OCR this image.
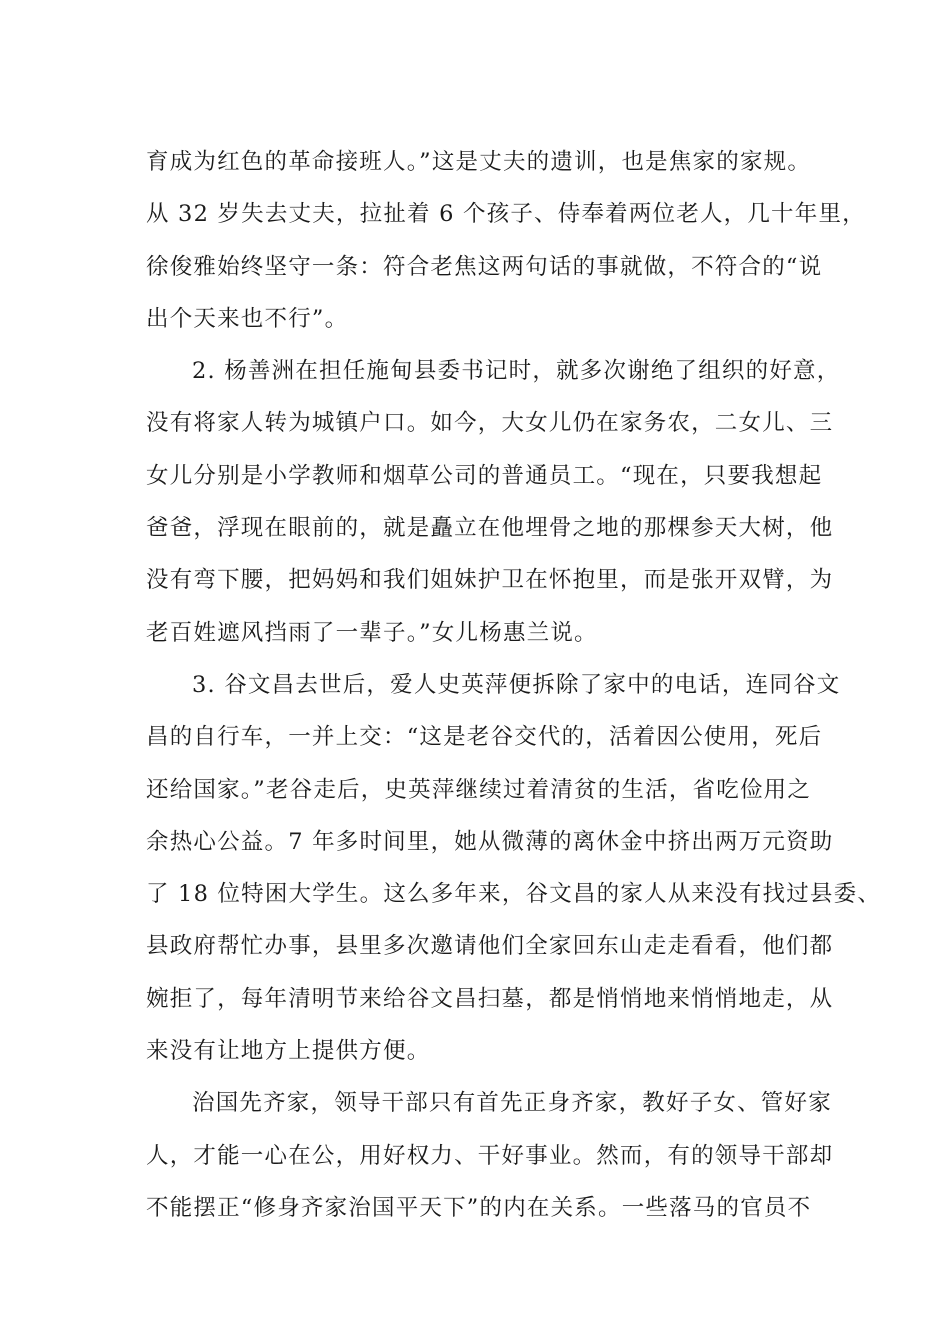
育成为红色的革命接班人。”这是丈夫的遗训，也是焦家的家规。
从 32 岁失去丈夫，拉扯着 6 个孩子、侍奉着两位老人，几十年里，
徐俊雅始终坚守一条：符合老焦这两句话的事就做，不符合的“说
出个天来也不行”。
2. 杨善洲在担任施甸县委书记时，就多次谢绝了组织的好意，
没有将家人转为城镇户口。如今，大女儿仍在家务农，二女儿、三
女儿分别是小学教师和烟草公司的普通员工。“现在，只要我想起
爸爸，浮现在眼前的，就是矗立在他埋骨之地的那棵参天大树，他
没有弯下腰，把妈妈和我们姐妹护卫在怀抱里，而是张开双臂，为
老百姓遮风挡雨了一辈子。”女儿杨惠兰说。
3. 谷文昌去世后，爱人史英萍便拆除了家中的电话，连同谷文
昌的自行车，一并上交：“这是老谷交代的，活着因公使用，死后
还给国家。”老谷走后，史英萍继续过着清贫的生活，省吃俭用之
余热心公益。7 年多时间里，她从微薄的离休金中挤出两万元资助
了 18 位特困大学生。这么多年来，谷文昌的家人从来没有找过县委、
县政府帮忙办事，县里多次邀请他们全家回东山走走看看，他们都
婉拒了，每年清明节来给谷文昌扫墓，都是悄悄地来悄悄地走，从
来没有让地方上提供方便。
治国先齐家，领导干部只有首先正身齐家，教好子女、管好家
人，才能一心在公，用好权力、干好事业。然而，有的领导干部却
不能摆正“修身齐家治国平天下”的内在关系。一些落马的官员不
